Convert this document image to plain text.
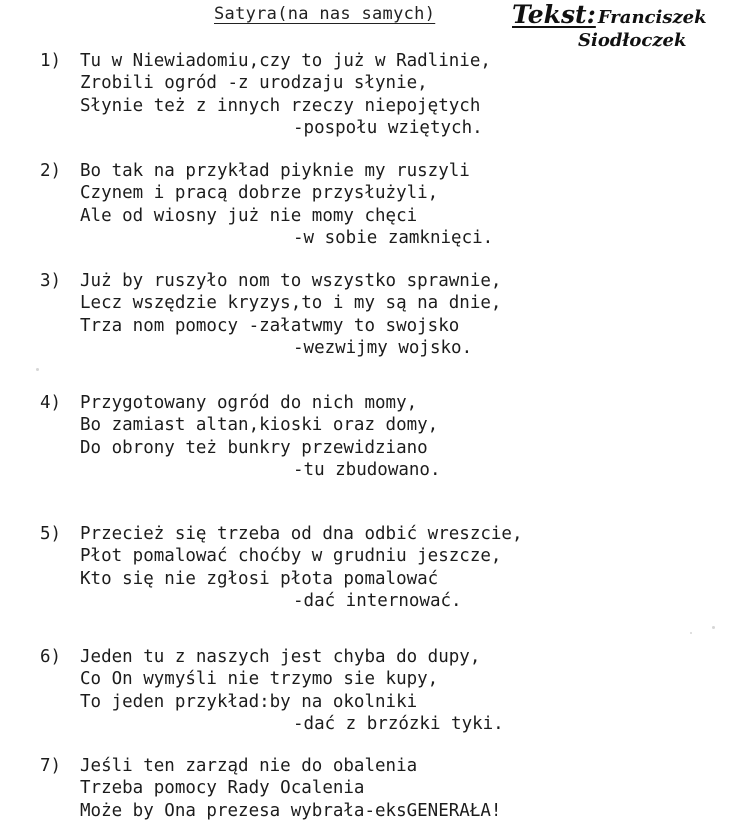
Satyra(na nas samych)	Tekst: Franciszek
Siodłoczek
1) Tu w Niewiadomiu,czy to już w Radlinie,
Zrobili ogród -z urodzaju słynie,
Słynie też z innych rzeczy niepojętych
-pospołu wziętych.
2) Bo tak na przykład piyknie my ruszyli
Czynem i pracą dobrze przysłużyli,
Ale od wiosny już nie momy chęci
-w sobie zamknięci.
3) Już by ruszyło nom to wszystko sprawnie,
Lecz wszędzie kryzys,to i my są na dnie,
Trza nom pomocy -załatwmy to swojsko
-wezwijmy wojsko.
4) Przygotowany ogród do nich momy,
Bo zamiast altan,kioski oraz domy,
Do obrony też bunkry przewidziano
-tu zbudowano.
5) Przecież się trzeba od dna odbić wreszcie,
Płot pomalować choćby w grudniu jeszcze,
Kto się nie zgłosi płota pomalować
-dać internować.
6) Jeden tu z naszych jest chyba do dupy,
Co On wymyśli nie trzymo sie kupy,
To jeden przykład:by na okolniki
-dać z brzózki tyki.
7) Jeśli ten zarząd nie do obalenia
Trzeba pomocy Rady Ocalenia
Może by Ona prezesa wybrała-eksGENERAŁA!
